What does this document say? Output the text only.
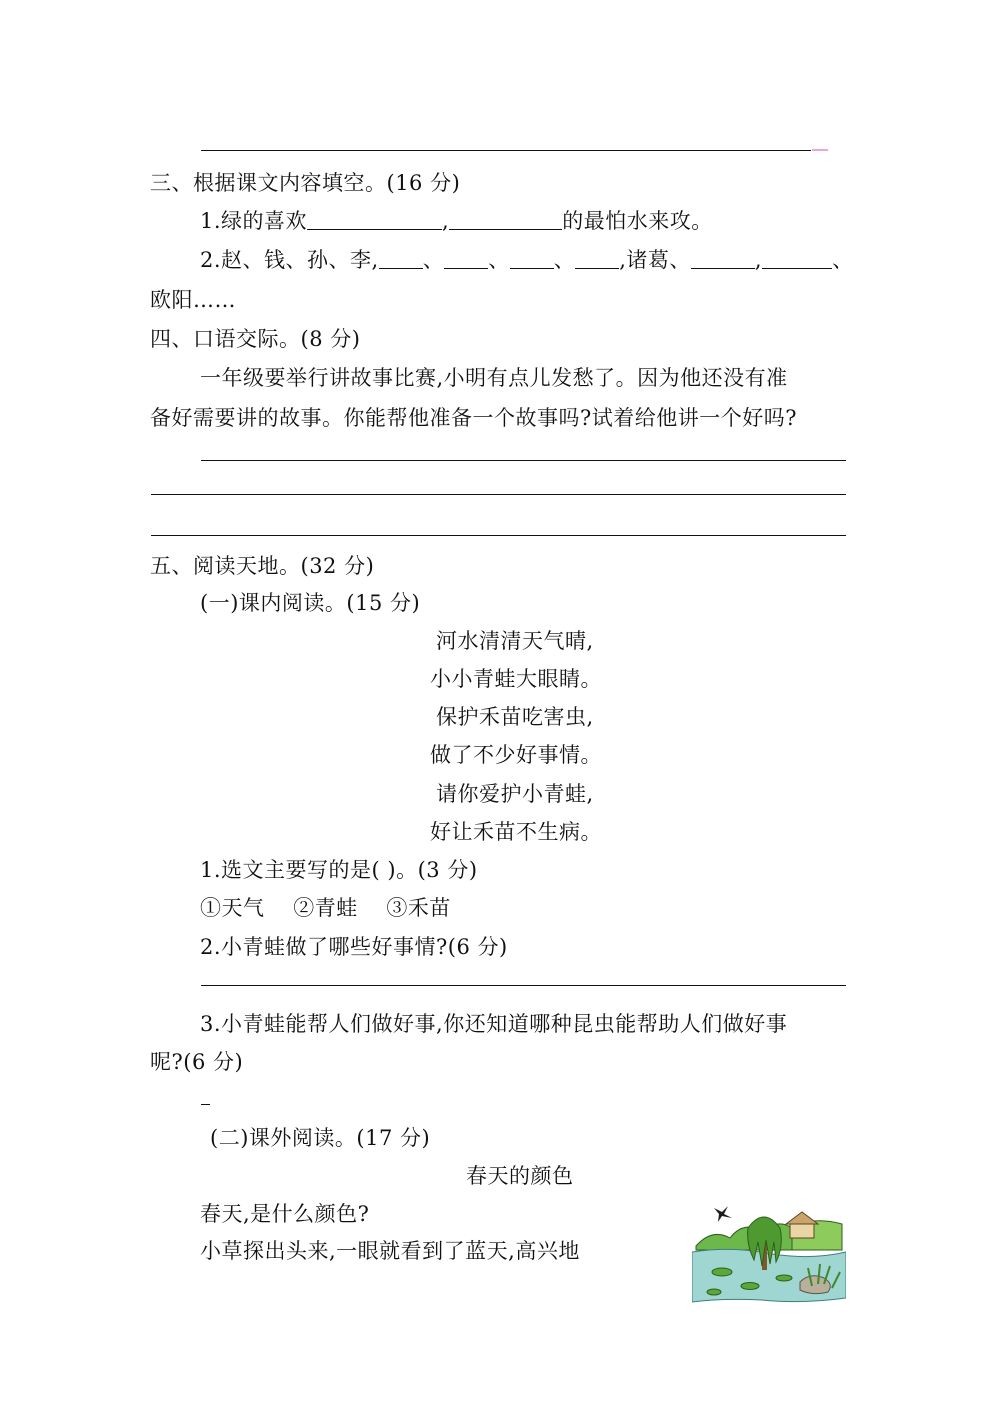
三、根据课文内容填空。(16 分)
1.绿的喜欢	,	的最怕水来攻。
2.赵、钱、孙、李, 、 、 、 ,诸葛、	,	、
欧阳……
四、口语交际。(8 分)
一年级要举行讲故事比赛,小明有点儿发愁了。因为他还没有准
备好需要讲的故事。你能帮他准备一个故事吗?试着给他讲一个好吗?
五、阅读天地。(32 分)
(一)课内阅读。(15 分)
河水清清天气晴,
小小青蛙大眼睛。
保护禾苗吃害虫,
做了不少好事情。
请你爱护小青蛙,
好让禾苗不生病。
1.选文主要写的是( )。(3 分)
①天气    ②青蛙    ③禾苗
2.小青蛙做了哪些好事情?(6 分)
3.小青蛙能帮人们做好事,你还知道哪种昆虫能帮助人们做好事
呢?(6 分)
(二)课外阅读。(17 分)
春天的颜色
春天,是什么颜色?
小草探出头来,一眼就看到了蓝天,高兴地
